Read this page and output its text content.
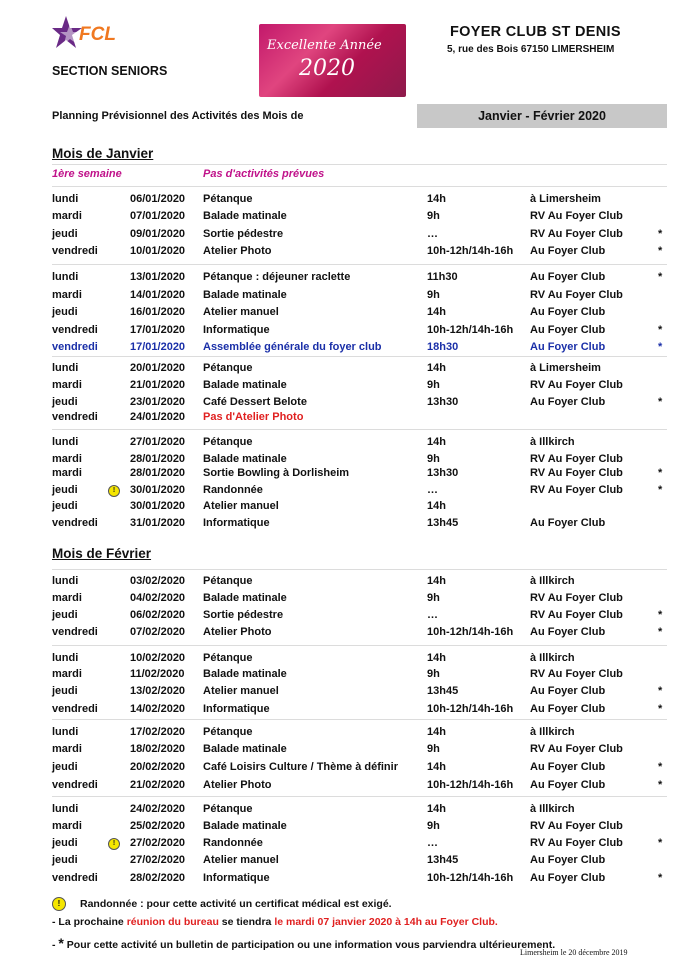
FCL
SECTION SENIORS
Excellente Année
2020
FOYER CLUB ST DENIS
5, rue des Bois 67150 LIMERSHEIM
Planning Prévisionnel des Activités des Mois de	Janvier - Février 2020
Mois de Janvier
1ère semaine	Pas d'activités prévues
lundi	06/01/2020 Pétanque	14h	à Limersheim
mardi	07/01/2020 Balade matinale	9h	RV Au Foyer Club
jeudi	09/01/2020 Sortie pédestre	…	RV Au Foyer Club	*
vendredi	10/01/2020 Atelier Photo	10h-12h/14h-16h Au Foyer Club	*
lundi	13/01/2020 Pétanque : déjeuner raclette	11h30	Au Foyer Club	*
mardi	14/01/2020 Balade matinale	9h	RV Au Foyer Club
jeudi	16/01/2020 Atelier manuel	14h	Au Foyer Club
vendredi	17/01/2020 Informatique	10h-12h/14h-16h Au Foyer Club	*
vendredi	17/01/2020 Assemblée générale du foyer club	18h30	Au Foyer Club	*
lundi	20/01/2020 Pétanque	14h	à Limersheim
mardi	21/01/2020 Balade matinale	9h	RV Au Foyer Club
jeudi	23/01/2020 Café Dessert Belote	13h30	Au Foyer Club	*
vendredi	24/01/2020 Pas d'Atelier Photo
lundi	27/01/2020 Pétanque	14h	à Illkirch
mardi	28/01/2020 Balade matinale	9h	RV Au Foyer Club
mardi	28/01/2020 Sortie Bowling à Dorlisheim	13h30	RV Au Foyer Club	*
jeudi	30/01/2020 Randonnée	…	RV Au Foyer Club	*
!
jeudi	30/01/2020 Atelier manuel	14h
vendredi	31/01/2020 Informatique	13h45	Au Foyer Club
Mois de Février
lundi	03/02/2020 Pétanque	14h	à Illkirch
mardi	04/02/2020 Balade matinale	9h	RV Au Foyer Club
jeudi	06/02/2020 Sortie pédestre	…	RV Au Foyer Club	*
vendredi	07/02/2020 Atelier Photo	10h-12h/14h-16h Au Foyer Club	*
lundi	10/02/2020 Pétanque	14h	à Illkirch
mardi	11/02/2020 Balade matinale	9h	RV Au Foyer Club
jeudi	13/02/2020 Atelier manuel	13h45	Au Foyer Club	*
vendredi	14/02/2020 Informatique	10h-12h/14h-16h Au Foyer Club	*
lundi	17/02/2020 Pétanque	14h	à Illkirch
mardi	18/02/2020 Balade matinale	9h	RV Au Foyer Club
jeudi	20/02/2020 Café Loisirs Culture / Thème à définir	14h	Au Foyer Club	*
vendredi	21/02/2020 Atelier Photo	10h-12h/14h-16h Au Foyer Club	*
lundi	24/02/2020 Pétanque	14h	à Illkirch
mardi	25/02/2020 Balade matinale	9h	RV Au Foyer Club
jeudi	27/02/2020 Randonnée	…	RV Au Foyer Club	*
!
jeudi	27/02/2020 Atelier manuel	13h45	Au Foyer Club
vendredi	28/02/2020 Informatique	10h-12h/14h-16h Au Foyer Club	*
! Randonnée : pour cette activité un certificat médical est exigé.
- La prochaine réunion du bureau se tiendra le mardi 07 janvier 2020 à 14h au Foyer Club.
- * Pour cette activité un bulletin de participation ou une information vous parviendra ultérieurement.
Limersheim le 20 décembre 2019
